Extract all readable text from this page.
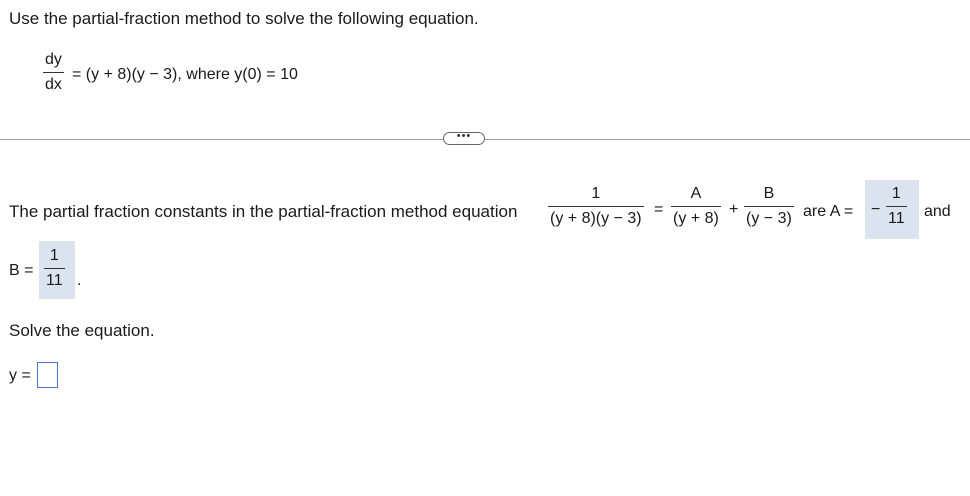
Use the partial-fraction method to solve the following equation.
dy
dx
= (y + 8)(y − 3), where y(0) = 10
•••
The partial fraction constants in the partial-fraction method equation
1
(y + 8)(y − 3)
=
A
(y + 8)
+
B
(y − 3) are A = −
1
11 and
B =
1
11 .
Solve the equation.
y =
